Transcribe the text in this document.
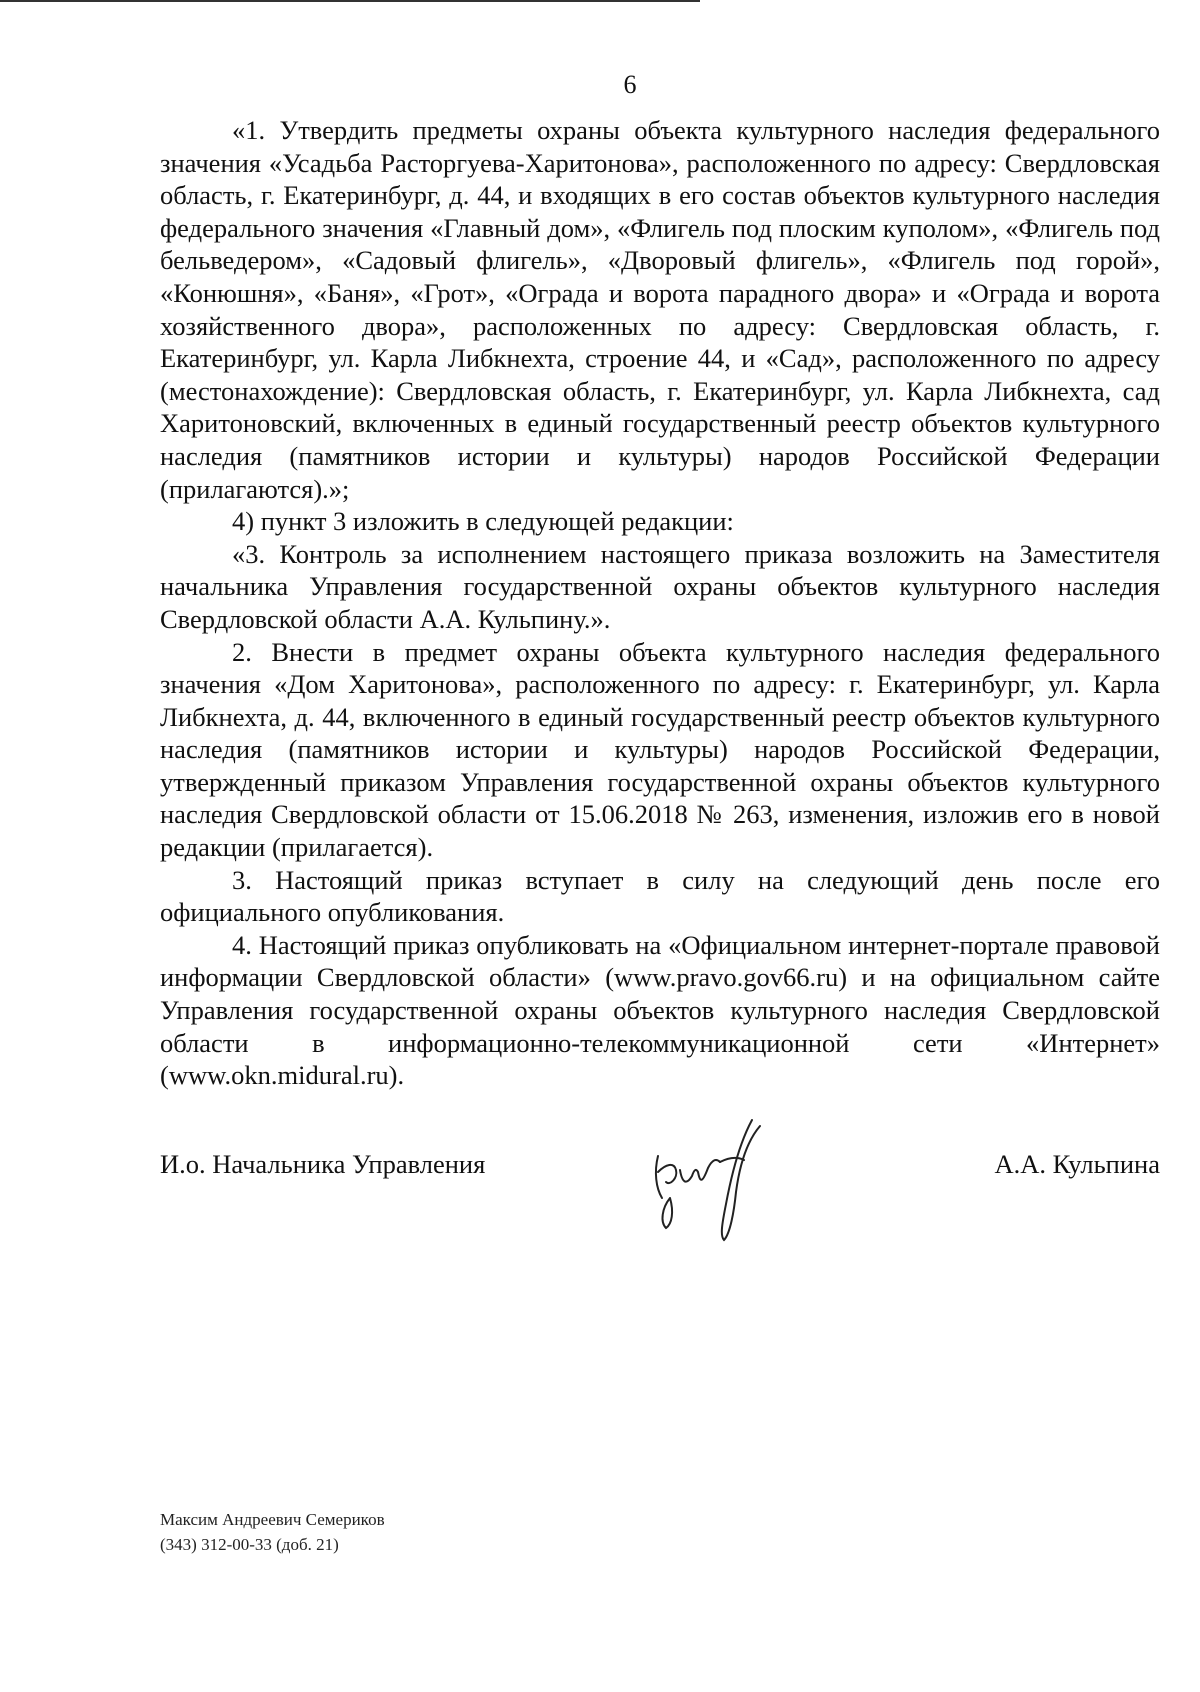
6

«1. Утвердить предметы охраны объекта культурного наследия федерального значения «Усадьба Расторгуева-Харитонова», расположенного по адресу: Свердловская область, г. Екатеринбург, д. 44, и входящих в его состав объектов культурного наследия федерального значения «Главный дом», «Флигель под плоским куполом», «Флигель под бельведером», «Садовый флигель», «Дворовый флигель», «Флигель под горой», «Конюшня», «Баня», «Грот», «Ограда и ворота парадного двора» и «Ограда и ворота хозяйственного двора», расположенных по адресу: Свердловская область, г. Екатеринбург, ул. Карла Либкнехта, строение 44, и «Сад», расположенного по адресу (местонахождение): Свердловская область, г. Екатеринбург, ул. Карла Либкнехта, сад Харитоновский, включенных в единый государственный реестр объектов культурного наследия (памятников истории и культуры) народов Российской Федерации (прилагаются).»;

4) пункт 3 изложить в следующей редакции:

«3. Контроль за исполнением настоящего приказа возложить на Заместителя начальника Управления государственной охраны объектов культурного наследия Свердловской области А.А. Кульпину.».

2. Внести в предмет охраны объекта культурного наследия федерального значения «Дом Харитонова», расположенного по адресу: г. Екатеринбург, ул. Карла Либкнехта, д. 44, включенного в единый государственный реестр объектов культурного наследия (памятников истории и культуры) народов Российской Федерации, утвержденный приказом Управления государственной охраны объектов культурного наследия Свердловской области от 15.06.2018 № 263, изменения, изложив его в новой редакции (прилагается).

3. Настоящий приказ вступает в силу на следующий день после его официального опубликования.

4. Настоящий приказ опубликовать на «Официальном интернет-портале правовой информации Свердловской области» (www.pravo.gov66.ru) и на официальном сайте Управления государственной охраны объектов культурного наследия Свердловской области в информационно-телекоммуникационной сети «Интернет» (www.okn.midural.ru).

И.о. Начальника Управления	А.А. Кульпина
Максим Андреевич Семериков
(343) 312-00-33 (доб. 21)
